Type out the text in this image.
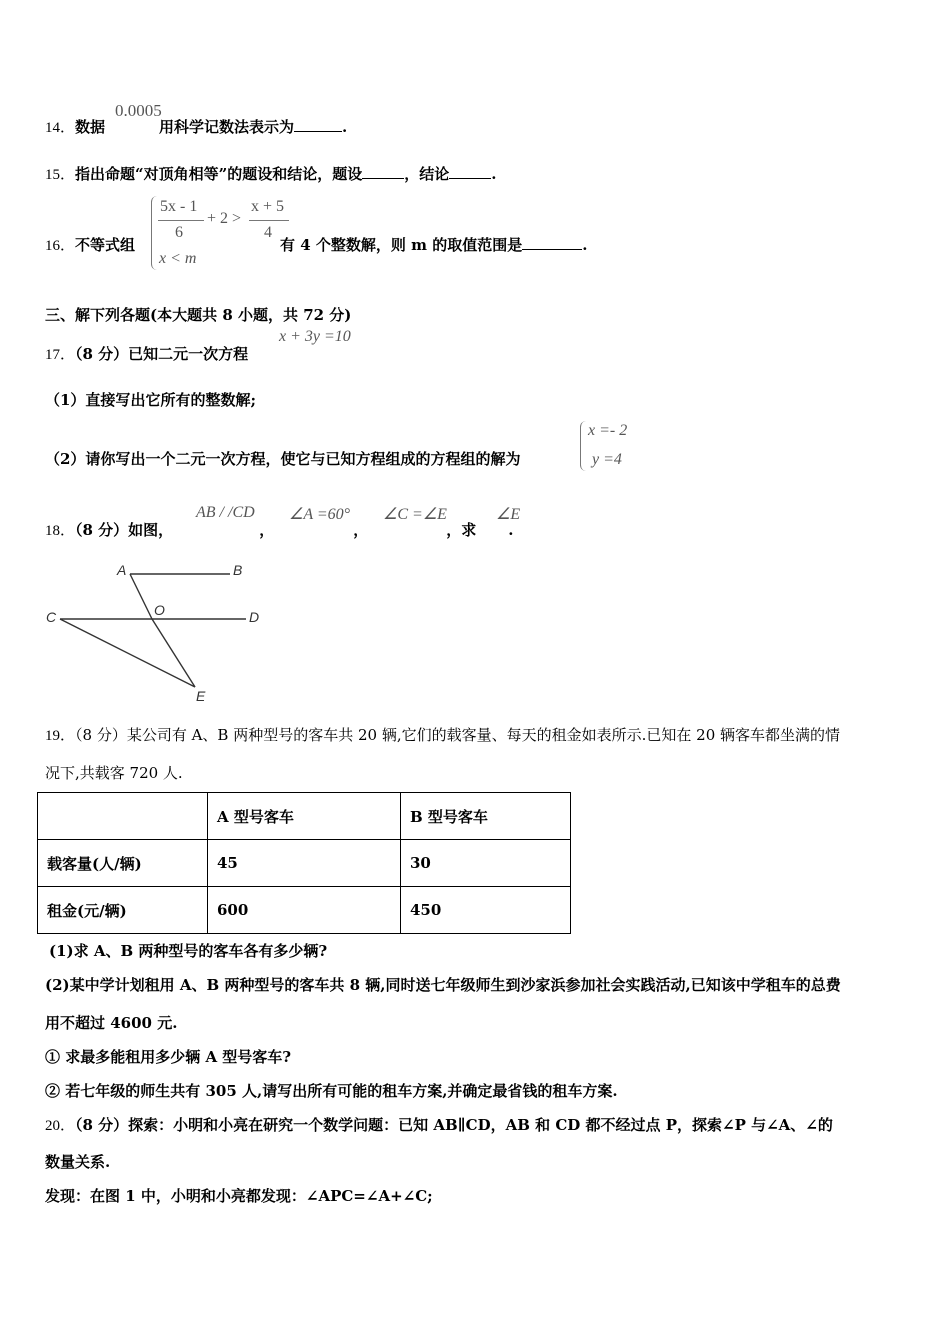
14．数据	用科学记数法表示为	.
0.0005
15．指出命题“对顶角相等”的题设和结论，题设	，结论	.
16．不等式组	有 4 个整数解，则 m 的取值范围是	.
5x - 1
6
+ 2 >
x + 5
4
x < m
三、解下列各题(本大题共 8 小题，共 72 分)
17．（8 分）已知二元一次方程
x + 3y =10
（1）直接写出它所有的整数解;
（2）请你写出一个二元一次方程，使它与已知方程组成的方程组的解为
x =- 2
y =4
18．（8 分）如图，	，	，	，求 .
AB / /CD ∠A =60° ∠C =∠E	∠E
A	B
C	D
O
E
19．（8 分）某公司有 A、B 两种型号的客车共 20 辆,它们的载客量、每天的租金如表所示.已知在 20 辆客车都坐满的情
况下,共载客 720 人.
	A 型号客车	B 型号客车
载客量(人/辆)	45	30
租金(元/辆)	600	450
(1)求 A、B 两种型号的客车各有多少辆?
(2)某中学计划租用 A、B 两种型号的客车共 8 辆,同时送七年级师生到沙家浜参加社会实践活动,已知该中学租车的总费
用不超过 4600 元.
① 求最多能租用多少辆 A 型号客车?
② 若七年级的师生共有 305 人,请写出所有可能的租车方案,并确定最省钱的租车方案.
20．（8 分）探索：小明和小亮在研究一个数学问题：已知 AB∥CD，AB 和 CD 都不经过点 P，探索∠P 与∠A、∠的
数量关系.
发现：在图 1 中，小明和小亮都发现：∠APC=∠A+∠C;
